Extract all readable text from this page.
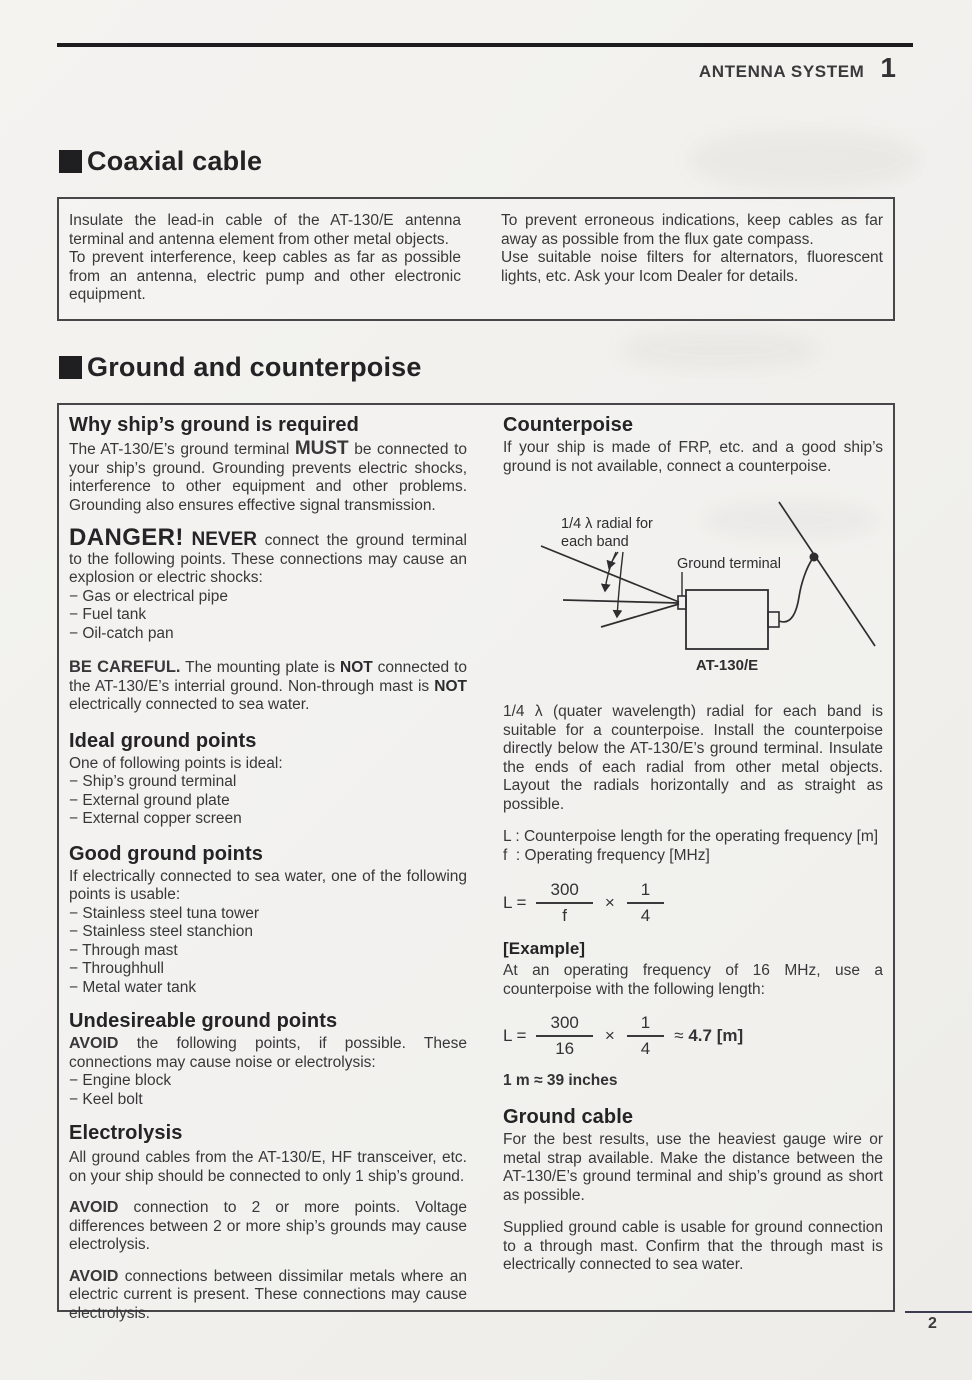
ANTENNA SYSTEM 1
Coaxial cable

Insulate the lead-in cable of the AT-130/E antenna terminal and antenna element from other metal objects.

To prevent interference, keep cables as far as possible from an antenna, electric pump and other electronic equipment.

To prevent erroneous indications, keep cables as far away as possible from the flux gate compass.

Use suitable noise filters for alternators, fluorescent lights, etc. Ask your Icom Dealer for details.

Ground and counterpoise
Why ship’s ground is required

The AT-130/E’s ground terminal MUST be connected to your ship’s ground. Grounding prevents electric shocks, interference to other equipment and other problems. Grounding also ensures effective signal transmission.

DANGER! NEVER connect the ground terminal to the following points. These connections may cause an explosion or electric shocks:

− Gas or electrical pipe
− Fuel tank
− Oil-catch pan

BE CAREFUL. The mounting plate is NOT connected to the AT-130/E’s interrial ground. Non-through mast is NOT electrically connected to sea water.

Ideal ground points

One of following points is ideal:

− Ship’s ground terminal
− External ground plate
− External copper screen
Good ground points

If electrically connected to sea water, one of the following points is usable:

− Stainless steel tuna tower
− Stainless steel stanchion
− Through mast
− Throughhull
− Metal water tank
Undesireable ground points

AVOID the following points, if possible. These connections may cause noise or electrolysis:

− Engine block
− Keel bolt
Electrolysis

All ground cables from the AT-130/E, HF transceiver, etc. on your ship should be connected to only 1 ship’s ground.

AVOID connection to 2 or more points. Voltage differences between 2 or more ship’s grounds may cause electrolysis.

AVOID connections between dissimilar metals where an electric current is present. These connections may cause electrolysis.

Counterpoise

If your ship is made of FRP, etc. and a good ship’s ground is not available, connect a counterpoise.

1/4 λ radial for
each band
Ground terminal
AT-130/E

1/4 λ (quater wavelength) radial for each band is suitable for a counterpoise. Install the counterpoise directly below the AT-130/E’s ground terminal. Insulate the ends of each radial from other metal objects. Layout the radials horizontally and as straight as possible.

L : Counterpoise length for the operating frequency [m]
f  : Operating frequency [MHz]
$L = \frac{300}{f} \times \frac{1}{4}$
[Example]

At an operating frequency of 16 MHz, use a counterpoise with the following length:

$L = \frac{300}{16} \times \frac{1}{4} \approx 4.7$ [m]
1 m ≈ 39 inches
Ground cable

For the best results, use the heaviest gauge wire or metal strap available. Make the distance between the AT-130/E’s ground terminal and ship’s ground as short as possible.

Supplied ground cable is usable for ground connection to a through mast. Confirm that the through mast is electrically connected to sea water.

2
